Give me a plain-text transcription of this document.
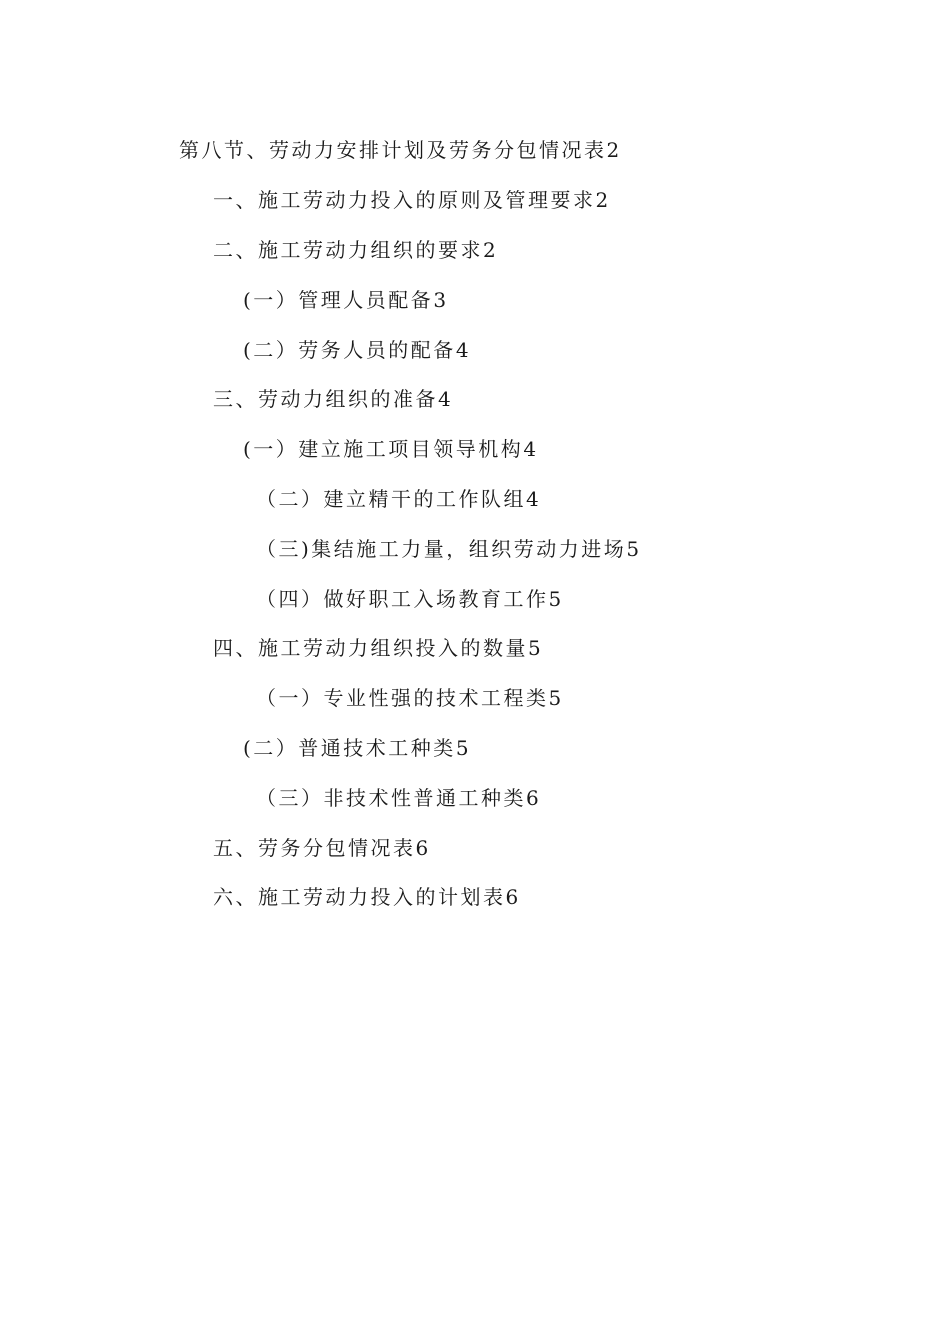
第八节、劳动力安排计划及劳务分包情况表2
一、施工劳动力投入的原则及管理要求2
二、施工劳动力组织的要求2
(一）管理人员配备3
(二）劳务人员的配备4
三、劳动力组织的准备4
(一）建立施工项目领导机构4
（二）建立精干的工作队组4
（三)集结施工力量，组织劳动力进场5
（四）做好职工入场教育工作5
四、施工劳动力组织投入的数量5
（一）专业性强的技术工程类5
(二）普通技术工种类5
（三）非技术性普通工种类6
五、劳务分包情况表6
六、施工劳动力投入的计划表6
